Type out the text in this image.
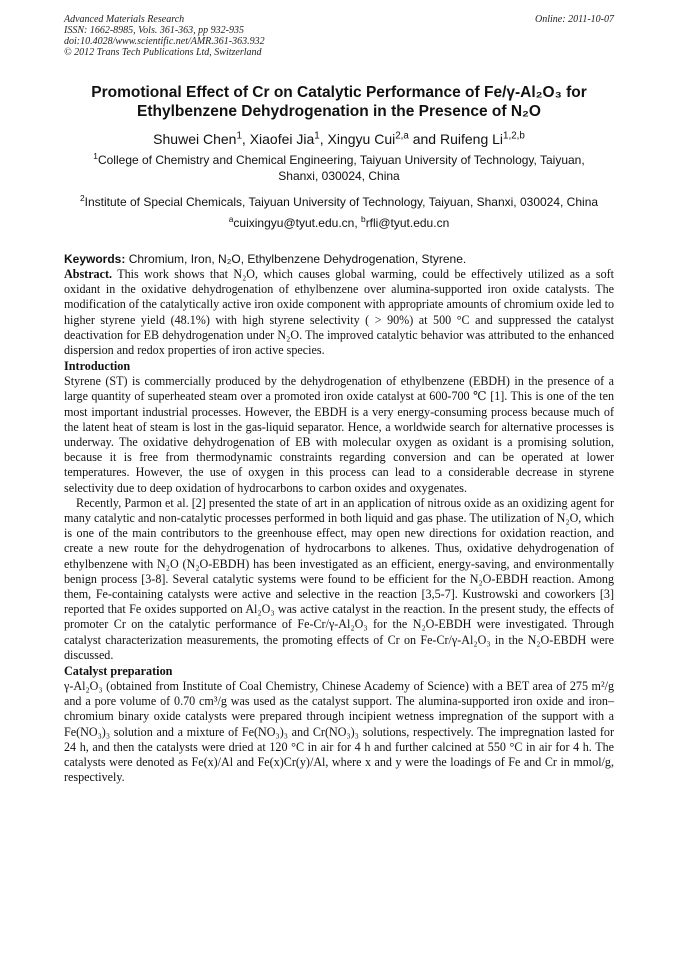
Advanced Materials Research
ISSN: 1662-8985, Vols. 361-363, pp 932-935
doi:10.4028/www.scientific.net/AMR.361-363.932
© 2012 Trans Tech Publications Ltd, Switzerland
Online: 2011-10-07
Promotional Effect of Cr on Catalytic Performance of Fe/γ-Al₂O₃ for
Ethylbenzene Dehydrogenation in the Presence of N₂O
Shuwei Chen$^1$, Xiaofei Jia$^1$, Xingyu Cui$^{2,a}$ and Ruifeng Li$^{1,2,b}$
$^1$College of Chemistry and Chemical Engineering, Taiyuan University of Technology, Taiyuan,
Shanxi, 030024, China
$^2$Institute of Special Chemicals, Taiyuan University of Technology, Taiyuan, Shanxi, 030024, China
$^a$cuixingyu@tyut.edu.cn, $^b$rfli@tyut.edu.cn
Keywords: Chromium, Iron, N₂O, Ethylbenzene Dehydrogenation, Styrene.

Abstract. This work shows that N₂O, which causes global warming, could be effectively utilized as a soft oxidant in the oxidative dehydrogenation of ethylbenzene over alumina-supported iron oxide catalysts. The modification of the catalytically active iron oxide component with appropriate amounts of chromium oxide led to higher styrene yield (48.1%) with high styrene selectivity ( > 90%) at 500 °C and suppressed the catalyst deactivation for EB dehydrogenation under N₂O. The improved catalytic behavior was attributed to the enhanced dispersion and redox properties of iron active species.

Introduction

Styrene (ST) is commercially produced by the dehydrogenation of ethylbenzene (EBDH) in the presence of a large quantity of superheated steam over a promoted iron oxide catalyst at 600-700 ℃ [1]. This is one of the ten most important industrial processes. However, the EBDH is a very energy-consuming process because much of the latent heat of steam is lost in the gas-liquid separator. Hence, a worldwide search for alternative processes is underway. The oxidative dehydrogenation of EB with molecular oxygen as oxidant is a promising solution, because it is free from thermodynamic constraints regarding conversion and can be operated at lower temperatures. However, the use of oxygen in this process can lead to a considerable decrease in styrene selectivity due to deep oxidation of hydrocarbons to carbon oxides and oxygenates.

Recently, Parmon et al. [2] presented the state of art in an application of nitrous oxide as an oxidizing agent for many catalytic and non-catalytic processes performed in both liquid and gas phase. The utilization of N₂O, which is one of the main contributors to the greenhouse effect, may open new directions for oxidation reaction, and create a new route for the dehydrogenation of hydrocarbons to alkenes. Thus, oxidative dehydrogenation of ethylbenzene with N₂O (N₂O-EBDH) has been investigated as an efficient, energy-saving, and environmentally benign process [3-8]. Several catalytic systems were found to be efficient for the N₂O-EBDH reaction. Among them, Fe-containing catalysts were active and selective in the reaction [3,5-7]. Kustrowski and coworkers [3] reported that Fe oxides supported on Al₂O₃ was active catalyst in the reaction. In the present study, the effects of promoter Cr on the catalytic performance of Fe-Cr/γ-Al₂O₃ for the N₂O-EBDH were investigated. Through catalyst characterization measurements, the promoting effects of Cr on Fe-Cr/γ-Al₂O₃ in the N₂O-EBDH were discussed.

Catalyst preparation

γ-Al₂O₃ (obtained from Institute of Coal Chemistry, Chinese Academy of Science) with a BET area of 275 m²/g and a pore volume of 0.70 cm³/g was used as the catalyst support. The alumina-supported iron oxide and iron–chromium binary oxide catalysts were prepared through incipient wetness impregnation of the support with a Fe(NO₃)₃ solution and a mixture of Fe(NO₃)₃ and Cr(NO₃)₃ solutions, respectively. The impregnation lasted for 24 h, and then the catalysts were dried at 120 °C in air for 4 h and further calcined at 550 °C in air for 4 h. The catalysts were denoted as Fe(x)/Al and Fe(x)Cr(y)/Al, where x and y were the loadings of Fe and Cr in mmol/g, respectively.
